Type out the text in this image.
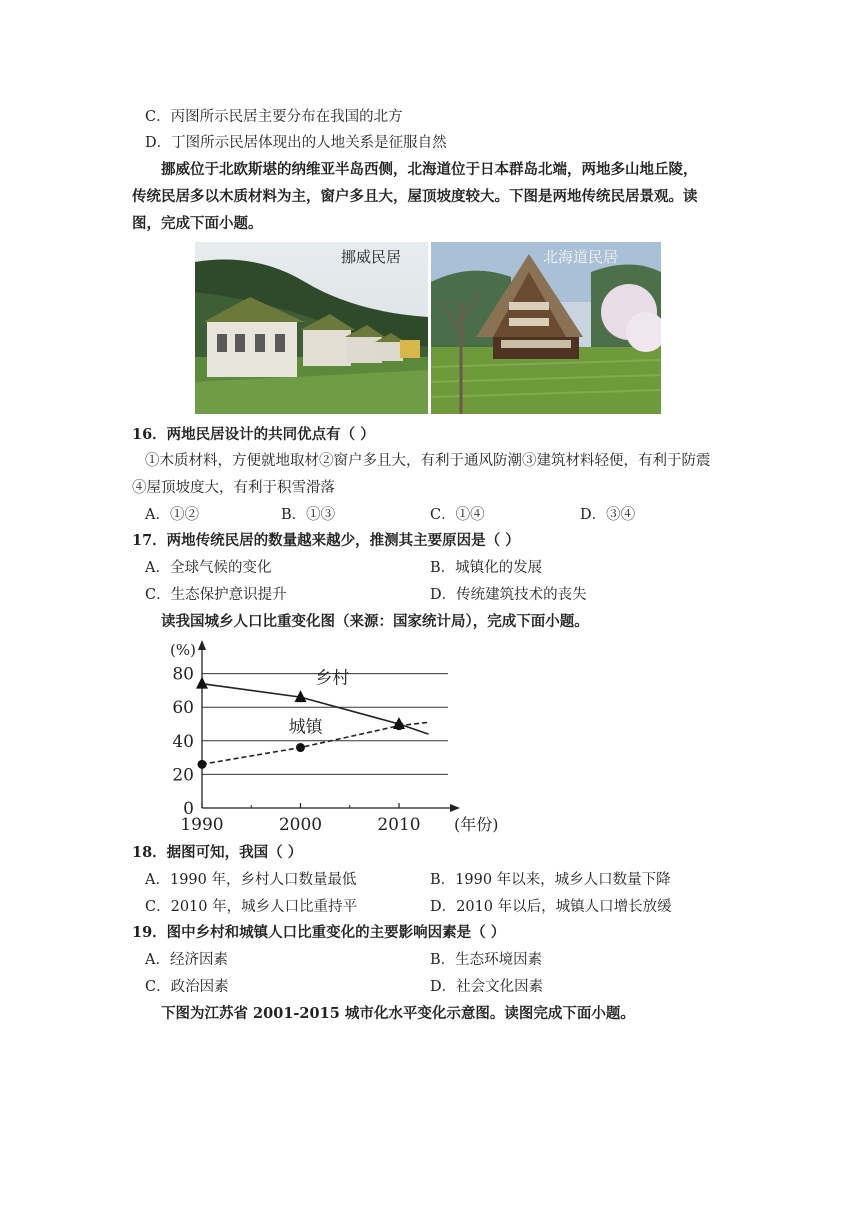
C．丙图所示民居主要分布在我国的北方
D．丁图所示民居体现出的人地关系是征服自然
挪威位于北欧斯堪的纳维亚半岛西侧，北海道位于日本群岛北端，两地多山地丘陵，
传统民居多以木质材料为主，窗户多且大，屋顶坡度较大。下图是两地传统民居景观。读
图，完成下面小题。
挪威民居	北海道民居
16．两地民居设计的共同优点有（ ）
①木质材料，方便就地取材②窗户多且大，有利于通风防潮③建筑材料轻便，有利于防震
④屋顶坡度大，有利于积雪滑落
A．①②	B．①③	C．①④	D．③④
17．两地传统民居的数量越来越少，推测其主要原因是（ ）
A．全球气候的变化	B．城镇化的发展
C．生态保护意识提升	D．传统建筑技术的丧失
读我国城乡人口比重变化图（来源：国家统计局），完成下面小题。
0
20
40
60
80
1990	2000	2010
(%)
(年份)
乡村
城镇
18．据图可知，我国（ ）
A．1990 年，乡村人口数量最低	B．1990 年以来，城乡人口数量下降
C．2010 年，城乡人口比重持平	D．2010 年以后，城镇人口增长放缓
19．图中乡村和城镇人口比重变化的主要影响因素是（ ）
A．经济因素	B．生态环境因素
C．政治因素	D．社会文化因素
下图为江苏省 2001-2015 城市化水平变化示意图。读图完成下面小题。
